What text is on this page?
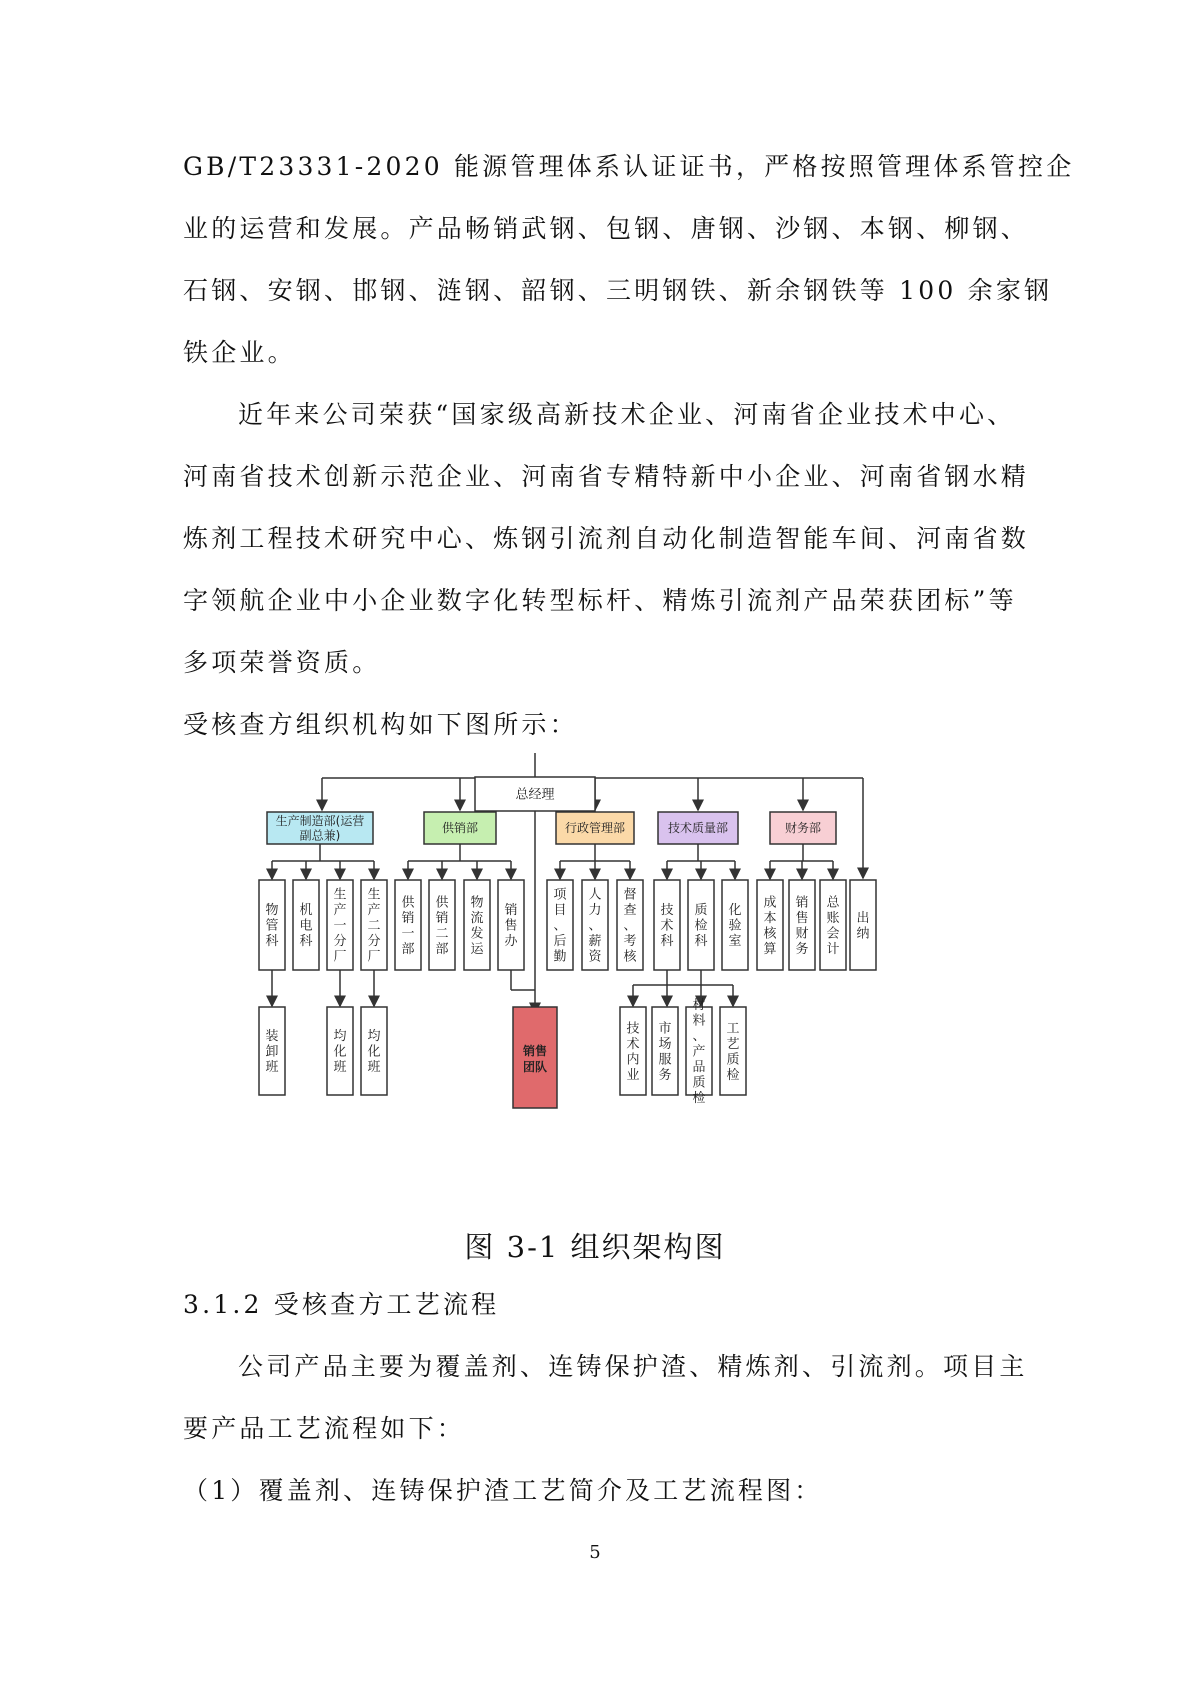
GB/T23331-2020 能源管理体系认证证书，严格按照管理体系管控企
业的运营和发展。产品畅销武钢、包钢、唐钢、沙钢、本钢、柳钢、
石钢、安钢、邯钢、涟钢、韶钢、三明钢铁、新余钢铁等 100 余家钢
铁企业。
近年来公司荣获“国家级高新技术企业、河南省企业技术中心、
河南省技术创新示范企业、河南省专精特新中小企业、河南省钢水精
炼剂工程技术研究中心、炼钢引流剂自动化制造智能车间、河南省数
字领航企业中小企业数字化转型标杆、精炼引流剂产品荣获团标”等
多项荣誉资质。
受核查方组织机构如下图所示：
总经理
生产制造部(运营
副总兼)
供销部	行政管理部	技术质量部	财务部
物
管
科
机
电
科
生
产
一
分
厂
生
产
二
分
厂
供
销
一
部
供
销
二
部
物
流
发
运
销
售
办
项
目
、
后
勤
人
力
、
薪
资
督
查
、
考
核
技
术
科
质
检
科
化
验
室
成
本
核
算
销
售
财
务
总
账
会
计
出
纳
装
卸
班
均
化
班
均
化
班
销售
团队
技
术
内
业
市
场
服
务
材
料
、
产
品
质
检
工
艺
质
检
图 3-1 组织架构图
3.1.2 受核查方工艺流程
公司产品主要为覆盖剂、连铸保护渣、精炼剂、引流剂。项目主
要产品工艺流程如下：
（1）覆盖剂、连铸保护渣工艺简介及工艺流程图：
5
